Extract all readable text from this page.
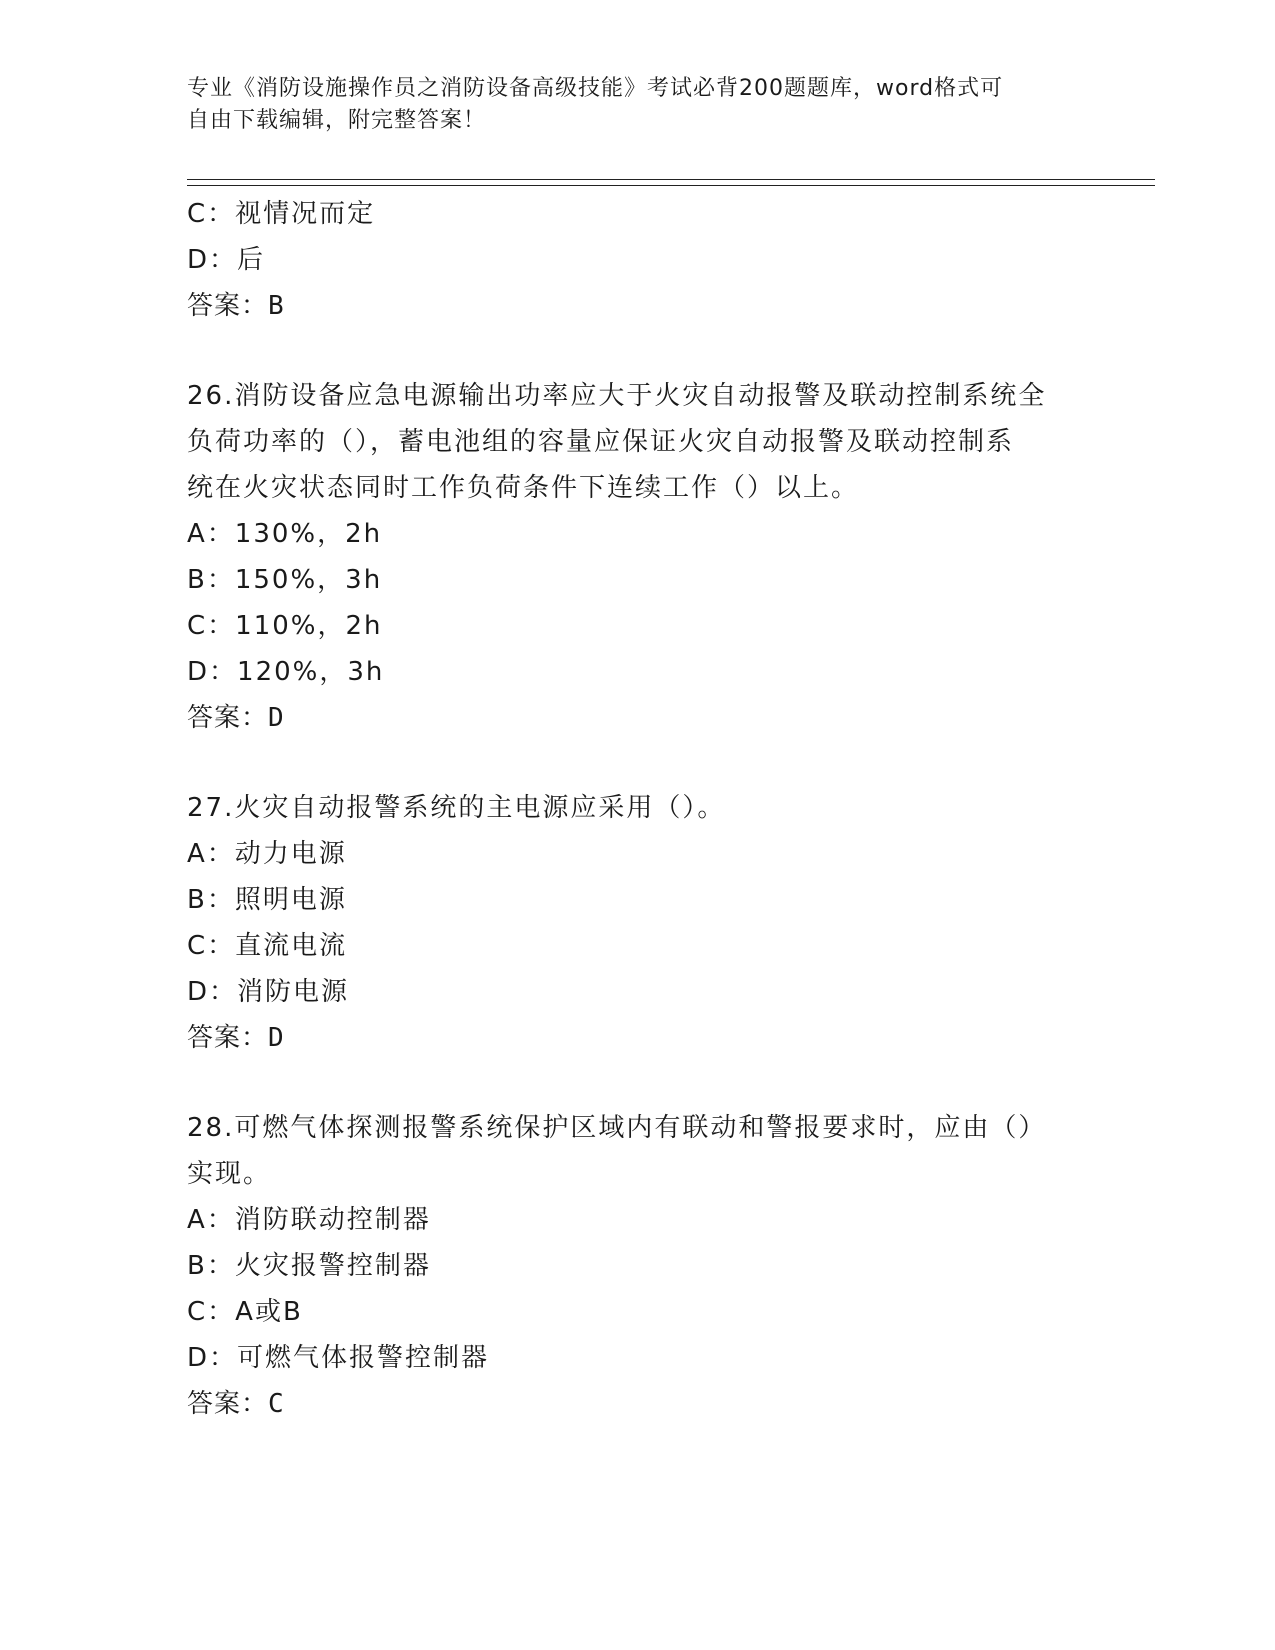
专业《消防设施操作员之消防设备高级技能》考试必背200题题库，word格式可
自由下载编辑，附完整答案！
C：视情况而定
D：后
答案：B
26.消防设备应急电源输出功率应大于火灾自动报警及联动控制系统全
负荷功率的（），蓄电池组的容量应保证火灾自动报警及联动控制系
统在火灾状态同时工作负荷条件下连续工作（）以上。
A：130%，2h
B：150%，3h
C：110%，2h
D：120%，3h
答案：D
27.火灾自动报警系统的主电源应采用（）。
A：动力电源
B：照明电源
C：直流电流
D：消防电源
答案：D
28.可燃气体探测报警系统保护区域内有联动和警报要求时，应由（）
实现。
A：消防联动控制器
B：火灾报警控制器
C：A或B
D：可燃气体报警控制器
答案：C
